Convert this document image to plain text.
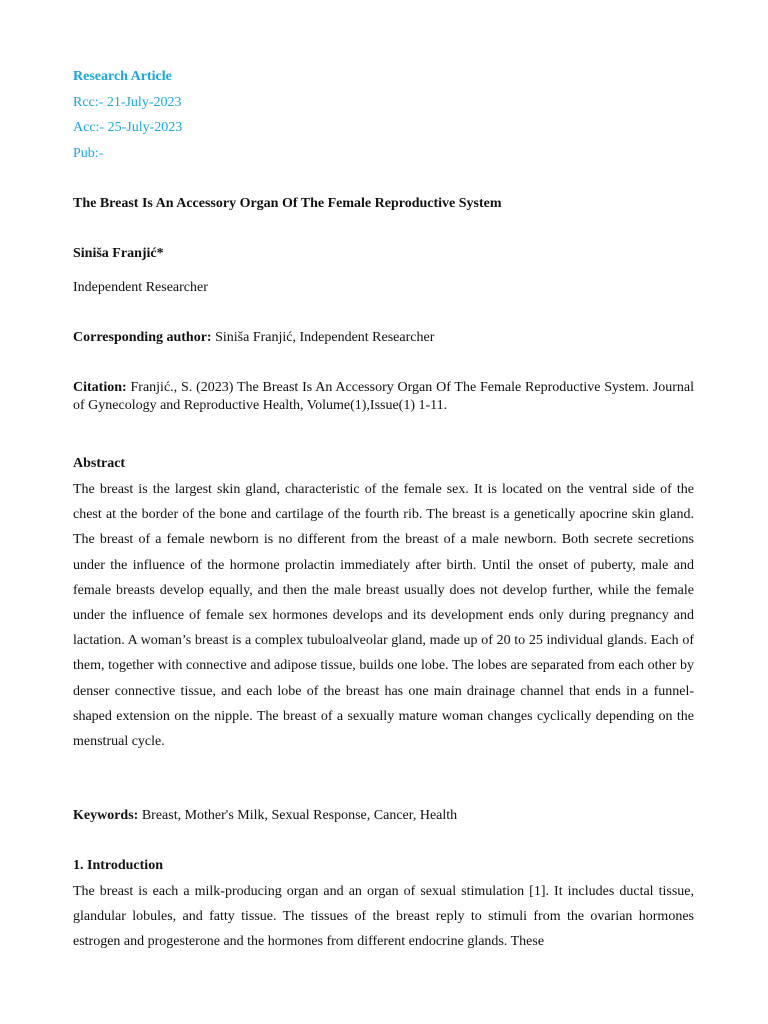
Research Article
Rcc:- 21-July-2023
Acc:- 25-July-2023
Pub:-
The Breast Is An Accessory Organ Of The Female Reproductive System
Siniša Franjić*
Independent Researcher
Corresponding author: Siniša Franjić, Independent Researcher
Citation: Franjić., S. (2023) The Breast Is An Accessory Organ Of The Female Reproductive System. Journal of Gynecology and Reproductive Health, Volume(1),Issue(1) 1-11.
Abstract
The breast is the largest skin gland, characteristic of the female sex. It is located on the ventral side of the chest at the border of the bone and cartilage of the fourth rib. The breast is a genetically apocrine skin gland. The breast of a female newborn is no different from the breast of a male newborn. Both secrete secretions under the influence of the hormone prolactin immediately after birth. Until the onset of puberty, male and female breasts develop equally, and then the male breast usually does not develop further, while the female under the influence of female sex hormones develops and its development ends only during pregnancy and lactation. A woman’s breast is a complex tubuloalveolar gland, made up of 20 to 25 individual glands. Each of them, together with connective and adipose tissue, builds one lobe. The lobes are separated from each other by denser connective tissue, and each lobe of the breast has one main drainage channel that ends in a funnel-shaped extension on the nipple. The breast of a sexually mature woman changes cyclically depending on the menstrual cycle.
Keywords: Breast, Mother's Milk, Sexual Response, Cancer, Health
1. Introduction
The breast is each a milk-producing organ and an organ of sexual stimulation [1]. It includes ductal tissue, glandular lobules, and fatty tissue. The tissues of the breast reply to stimuli from the ovarian hormones estrogen and progesterone and the hormones from different endocrine glands. These
